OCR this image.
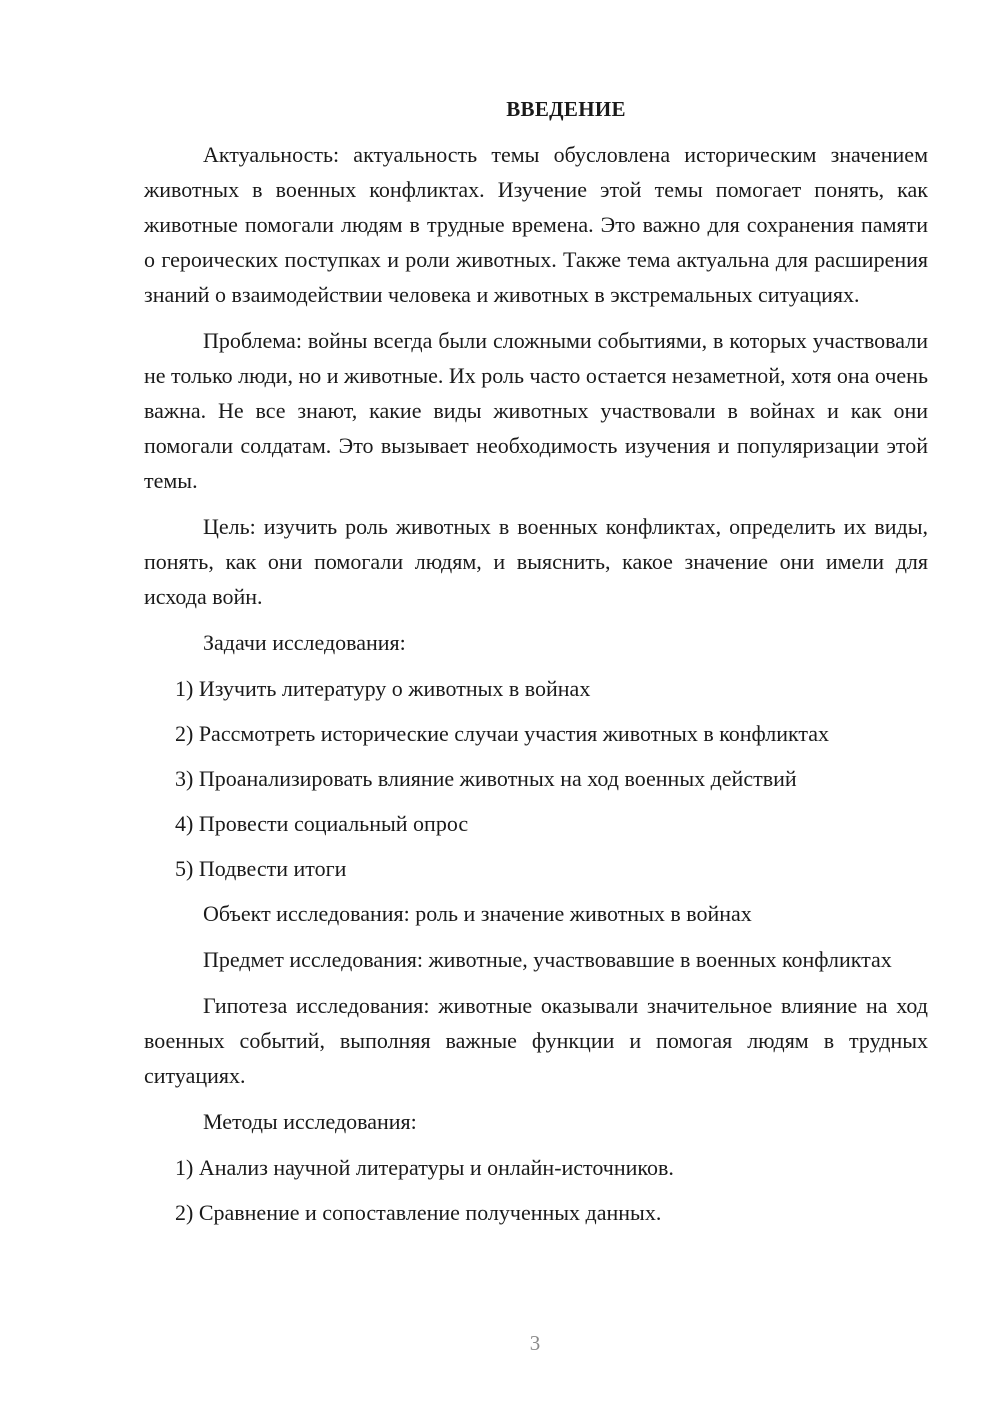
ВВЕДЕНИЕ

Актуальность: актуальность темы обусловлена историческим значением животных в военных конфликтах. Изучение этой темы помогает понять, как животные помогали людям в трудные времена. Это важно для сохранения памяти о героических поступках и роли животных. Также тема актуальна для расширения знаний о взаимодействии человека и животных в экстремальных ситуациях.

Проблема: войны всегда были сложными событиями, в которых участвовали не только люди, но и животные. Их роль часто остается незаметной, хотя она очень важна. Не все знают, какие виды животных участвовали в войнах и как они помогали солдатам. Это вызывает необходимость изучения и популяризации этой темы.

Цель: изучить роль животных в военных конфликтах, определить их виды, понять, как они помогали людям, и выяснить, какое значение они имели для исхода войн.

Задачи исследования:

1) Изучить литературу о животных в войнах

2) Рассмотреть исторические случаи участия животных в конфликтах

3) Проанализировать влияние животных на ход военных действий

4) Провести социальный опрос

5) Подвести итоги

Объект исследования: роль и значение животных в войнах

Предмет исследования: животные, участвовавшие в военных конфликтах

Гипотеза исследования: животные оказывали значительное влияние на ход военных событий, выполняя важные функции и помогая людям в трудных ситуациях.

Методы исследования:

1) Анализ научной литературы и онлайн-источников.

2) Сравнение и сопоставление полученных данных.

3
